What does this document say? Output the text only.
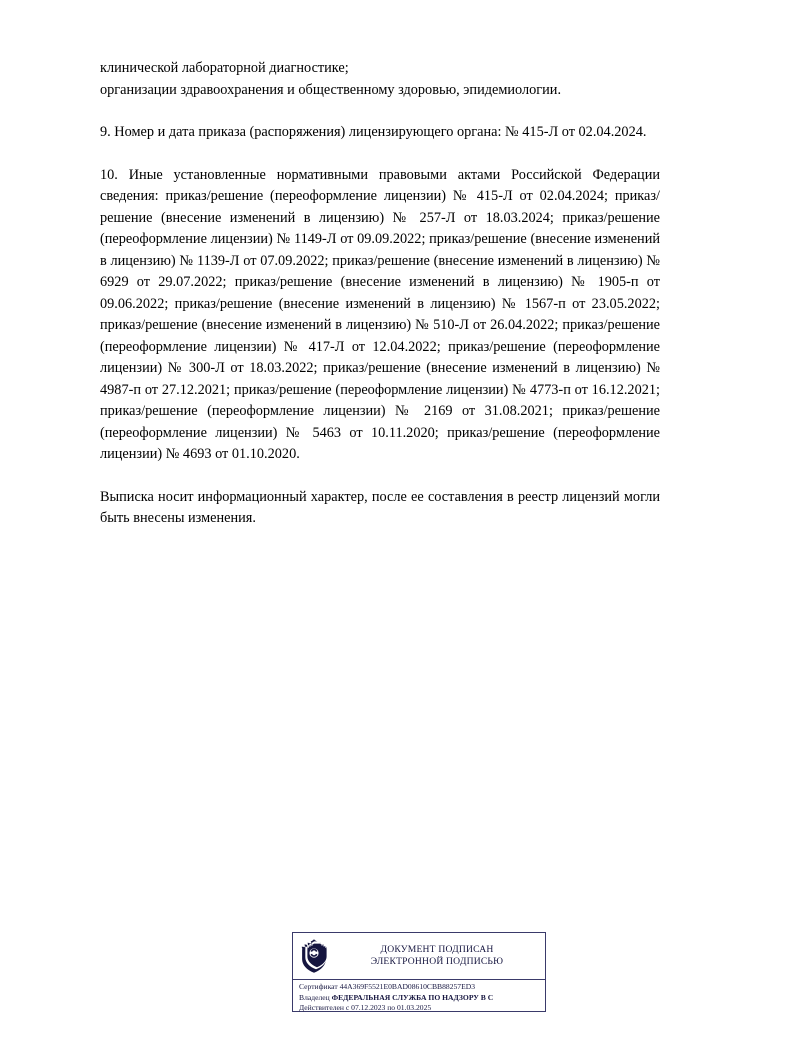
клинической лабораторной диагностике;

организации здравоохранения и общественному здоровью, эпидемиологии.

9. Номер и дата приказа (распоряжения) лицензирующего органа: № 415-Л от 02.04.2024.

10. Иные установленные нормативными правовыми актами Российской Федерации сведения: приказ/решение (переоформление лицензии) № 415-Л от 02.04.2024; приказ/решение (внесение изменений в лицензию) № 257-Л от 18.03.2024; приказ/решение (переоформление лицензии) № 1149-Л от 09.09.2022; приказ/решение (внесение изменений в лицензию) № 1139-Л от 07.09.2022; приказ/решение (внесение изменений в лицензию) № 6929 от 29.07.2022; приказ/решение (внесение изменений в лицензию) № 1905-п от 09.06.2022; приказ/решение (внесение изменений в лицензию) № 1567-п от 23.05.2022; приказ/решение (внесение изменений в лицензию) № 510-Л от 26.04.2022; приказ/решение (переоформление лицензии) № 417-Л от 12.04.2022; приказ/решение (переоформление лицензии) № 300-Л от 18.03.2022; приказ/решение (внесение изменений в лицензию) № 4987-п от 27.12.2021; приказ/решение (переоформление лицензии) № 4773-п от 16.12.2021; приказ/решение (переоформление лицензии) № 2169 от 31.08.2021; приказ/решение (переоформление лицензии) № 5463 от 10.11.2020; приказ/решение (переоформление лицензии) № 4693 от 01.10.2020.

Выписка носит информационный характер, после ее составления в реестр лицензий могли быть внесены изменения.

ДОКУМЕНТ ПОДПИСАН
ЭЛЕКТРОННОЙ ПОДПИСЬЮ
Сертификат 44A369F5521E0BAD08610CBB88257ED3
Владелец ФЕДЕРАЛЬНАЯ СЛУЖБА ПО НАДЗОРУ В С
Действителен с 07.12.2023 по 01.03.2025
